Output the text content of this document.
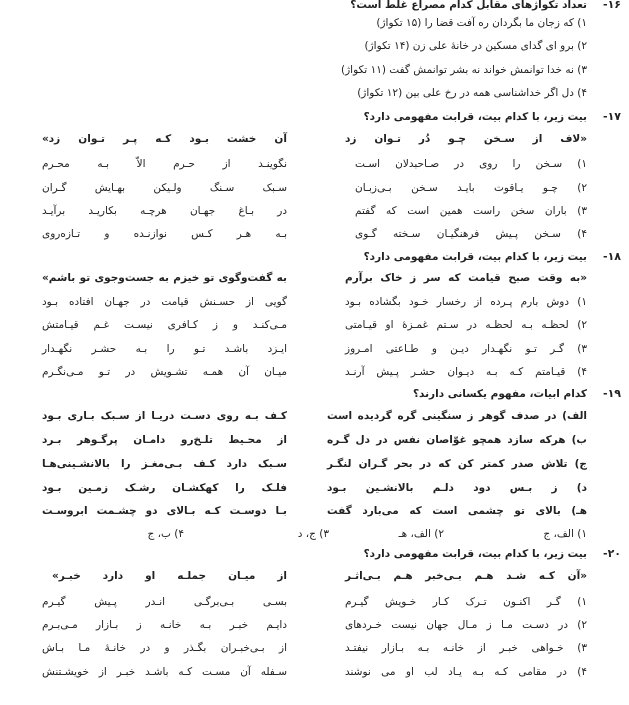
۱۶-
تعداد تکواژهای مقابل کدام مصراع غلط است؟
۱) که زجان ما بگردان ره آفت قضا را (۱۵ تکواژ)
۲) برو ای گدای مسکین در خانهٔ علی زن (۱۴ تکواژ)
۳) نه خدا توانمش خواند نه بشر توانمش گفت (۱۱ تکواژ)
۴) دل اگر خداشناسی همه در رخ علی بین (۱۲ تکواژ)
۱۷-
بیت زیر، با کدام بیت، قرابت مفهومی دارد؟
«لاف از سـخن چـو دُر تـوان زد
آن خشت بـود کـه پـر تـوان زد»
۱) سـخن را روی در صـاحبدلان اسـت
نگوینـد از حـرم الاّ بـه محـرم
۲) چـو یـاقوت بایـد سـخن بـی‌زبـان
سـبک سـنگ ولـیکن بهـایش گـران
۳) باران سخن راست همین است که گفتم
در بـاغ جهـان هرچـه بکاریـد برآیـد
۴) سـخن پـیش فرهنگیـان سـخته گـوی
بـه هـر کـس نوازنـده و تـازه‌روی
۱۸-
بیت زیر، با کدام بیت، قرابت مفهومی دارد؟
«به وقت صبح قیامت که سر ز خاک برآرم
به گفت‌وگوی تو خیزم به جست‌وجوی تو باشم»
۱) دوش بارم پـرده از رخسار خـود بگشاده بـود
گویی از حسـنش قیامت در جهـان افتاده بـود
۲) لحظـه بـه لحظـه در سـتم غمـزهٔ او قیـامتی
مـی‌کنـد و ز کـافری نیسـت غـم قیـامتش
۳) گـر تـو نگهـدار دیـن و طـاعتی امـروز
ایـزد باشـد تـو را بـه حشـر نگهـدار
۴) قیـامتم کـه بـه دیـوان حشـر پـیش آرنـد
میـان آن همـه تشـویش در تـو مـی‌نگـرم
۱۹-
کدام ابیات، مفهوم یکسانی دارند؟
الف) در صدف گوهر ز سنگینی گره گردیده است
کـف بـه روی دسـت دریـا از سـبک بـاری بـود
ب) هرکه سازد همچو غوّاصان نفس در دل گـره
از محـیط تلـخ‌رو دامـان پرگـوهر بـرد
ج) تلاش صدر کمتر کن که در بحر گـران لنگـر
سـبک دارد کـف بـی‌مغـز را بالانشـینی‌هـا
د) ز بـس دود دلـم بالانشـین بـود
فلـک را کهکشـان رشـک زمـین بـود
هـ) بالای تو چشمی است که می‌بارد گفت
بـا دوسـت کـه بـالای دو چشـمت ابروسـت
۱) الف، ج
۲) الف، هـ
۳) ج، د
۴) ب، ج
۲۰-
بیت زیر، با کدام بیت، قرابت مفهومی دارد؟
«آن کـه شـد هـم بـی‌خبر هـم بـی‌اثـر
از میـان جملـه او دارد خبـر»
۱) گـر اکنـون تـرک کـار خـویش گیـرم
بسـی بـی‌برگـی انـدر پـیش گیـرم
۲) در دسـت مـا ز مـال جهان نیست خـردهای
دایـم خبـر بـه خانـه ز بـازار مـی‌بـرم
۳) خـواهی خبـر از خانـه بـه بـازار نیفتـد
از بـی‌خبـران بگـذر و در خانـهٔ مـا بـاش
۴) در مقامی کـه بـه یـاد لب او می نوشند
سـفله آن مسـت کـه باشـد خبـر از خویشـتنش
